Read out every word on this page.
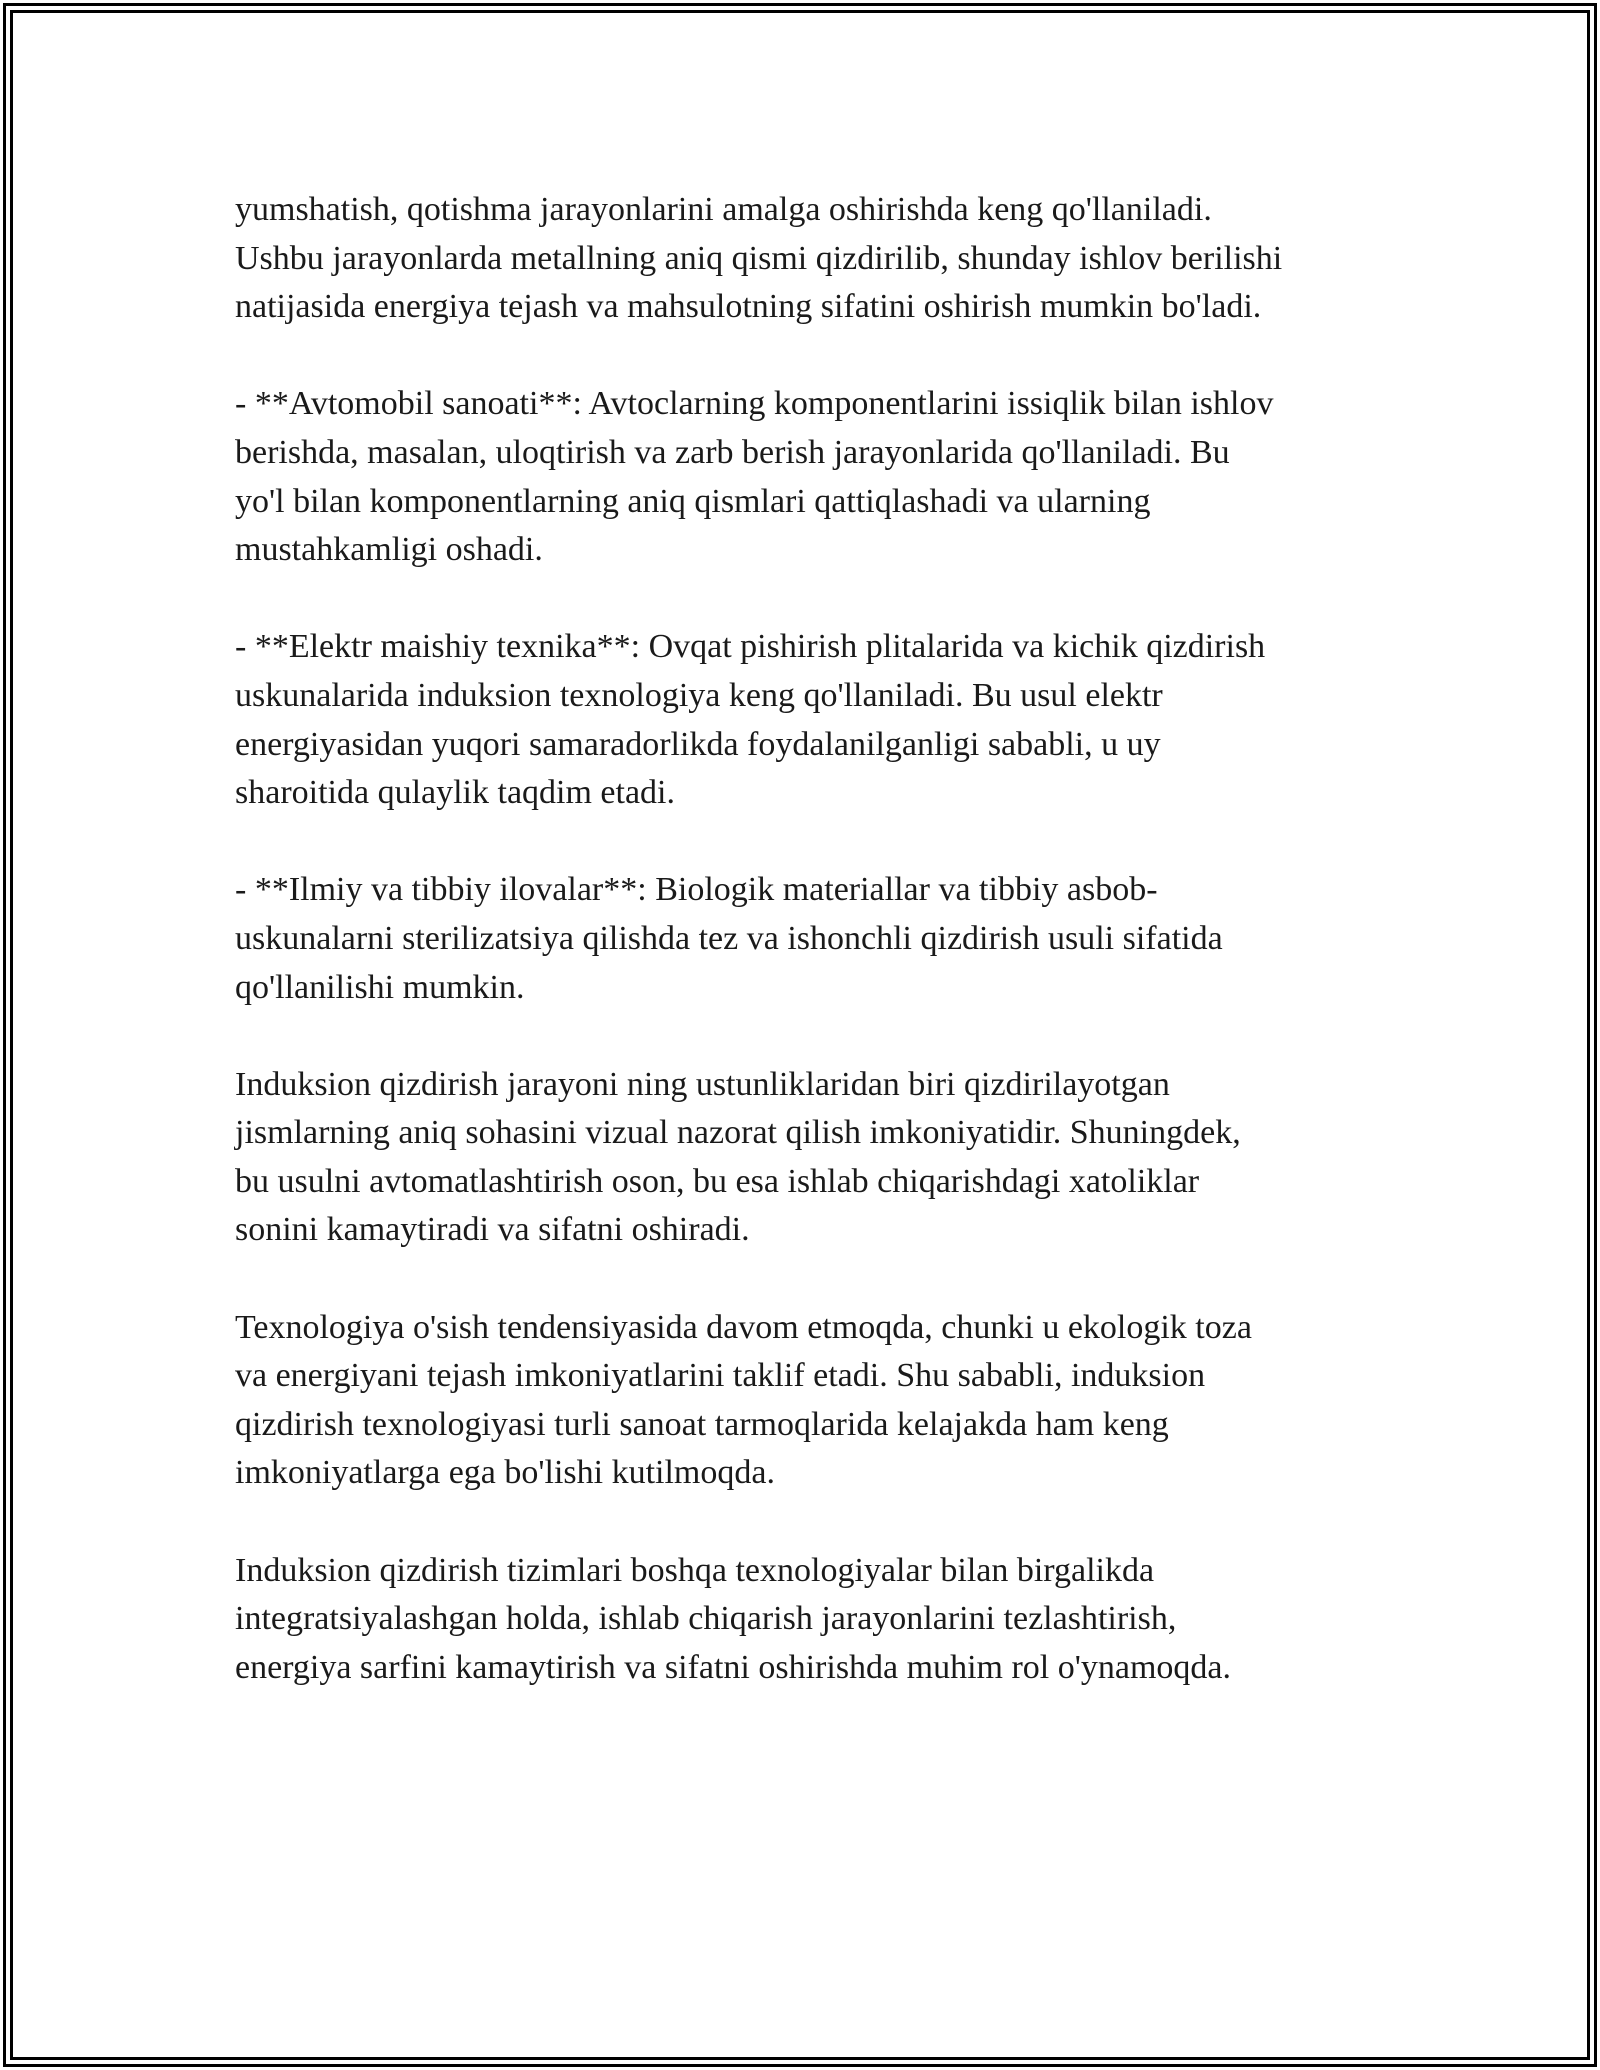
yumshatish, qotishma jarayonlarini amalga oshirishda keng qo'llaniladi.
Ushbu jarayonlarda metallning aniq qismi qizdirilib, shunday ishlov berilishi
natijasida energiya tejash va mahsulotning sifatini oshirish mumkin bo'ladi.

- **Avtomobil sanoati**: Avtoclarning komponentlarini issiqlik bilan ishlov
berishda, masalan, uloqtirish va zarb berish jarayonlarida qo'llaniladi. Bu
yo'l bilan komponentlarning aniq qismlari qattiqlashadi va ularning
mustahkamligi oshadi.

- **Elektr maishiy texnika**: Ovqat pishirish plitalarida va kichik qizdirish
uskunalarida induksion texnologiya keng qo'llaniladi. Bu usul elektr
energiyasidan yuqori samaradorlikda foydalanilganligi sababli, u uy
sharoitida qulaylik taqdim etadi.

- **Ilmiy va tibbiy ilovalar**: Biologik materiallar va tibbiy asbob-
uskunalarni sterilizatsiya qilishda tez va ishonchli qizdirish usuli sifatida
qo'llanilishi mumkin.

Induksion qizdirish jarayoni ning ustunliklaridan biri qizdirilayotgan
jismlarning aniq sohasini vizual nazorat qilish imkoniyatidir. Shuningdek,
bu usulni avtomatlashtirish oson, bu esa ishlab chiqarishdagi xatoliklar
sonini kamaytiradi va sifatni oshiradi.

Texnologiya o'sish tendensiyasida davom etmoqda, chunki u ekologik toza
va energiyani tejash imkoniyatlarini taklif etadi. Shu sababli, induksion
qizdirish texnologiyasi turli sanoat tarmoqlarida kelajakda ham keng
imkoniyatlarga ega bo'lishi kutilmoqda.

Induksion qizdirish tizimlari boshqa texnologiyalar bilan birgalikda
integratsiyalashgan holda, ishlab chiqarish jarayonlarini tezlashtirish,
energiya sarfini kamaytirish va sifatni oshirishda muhim rol o'ynamoqda.
